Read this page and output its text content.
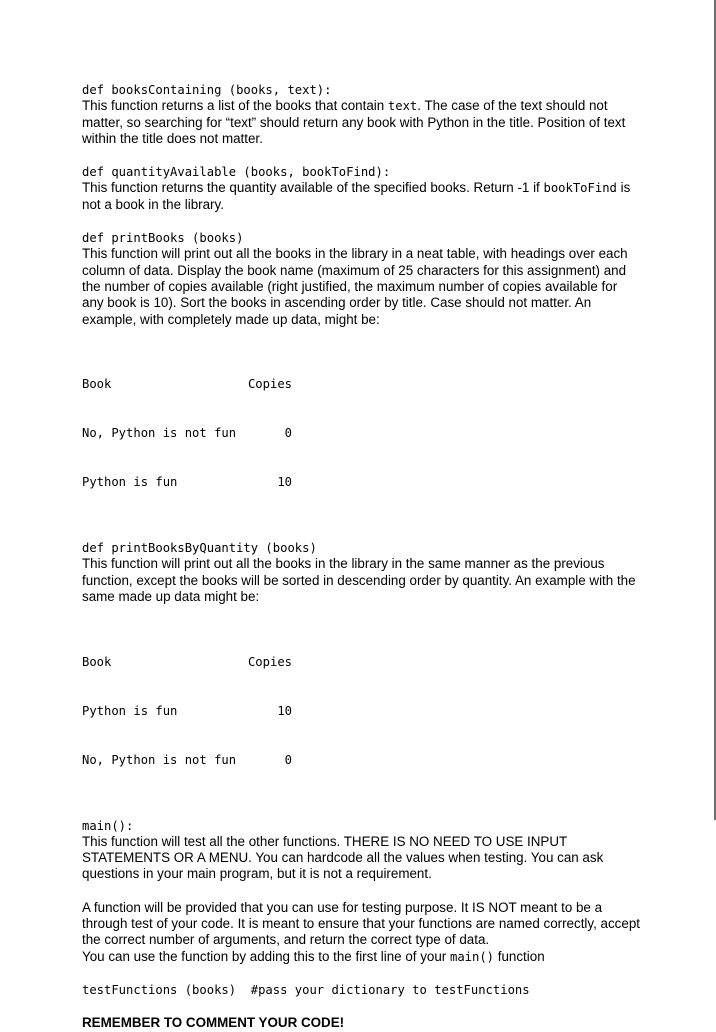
def booksContaining (books, text):

This function returns a list of the books that contain text. The case of the text should not matter, so searching for “text” should return any book with Python in the title. Position of text within the title does not matter.

def quantityAvailable (books, bookToFind):

This function returns the quantity available of the specified books. Return -1 if bookToFind is not a book in the library.

def printBooks (books)

This function will print out all the books in the library in a neat table, with headings over each column of data. Display the book name (maximum of 25 characters for this assignment) and the number of copies available (right justified, the maximum number of copies available for any book is 10). Sort the books in ascending order by title. Case should not matter. An example, with completely made up data, might be:

Book	Copies

No, Python is not fun	0

Python is fun	10

def printBooksByQuantity (books)

This function will print out all the books in the library in the same manner as the previous function, except the books will be sorted in descending order by quantity. An example with the same made up data might be:

Book	Copies

Python is fun	10

No, Python is not fun	0

main():

This function will test all the other functions. THERE IS NO NEED TO USE INPUT STATEMENTS OR A MENU. You can hardcode all the values when testing. You can ask questions in your main program, but it is not a requirement.

A function will be provided that you can use for testing purpose. It IS NOT meant to be a through test of your code. It is meant to ensure that your functions are named correctly, accept the correct number of arguments, and return the correct type of data.

You can use the function by adding this to the first line of your main() function

testFunctions (books)  #pass your dictionary to testFunctions

REMEMBER TO COMMENT YOUR CODE!
